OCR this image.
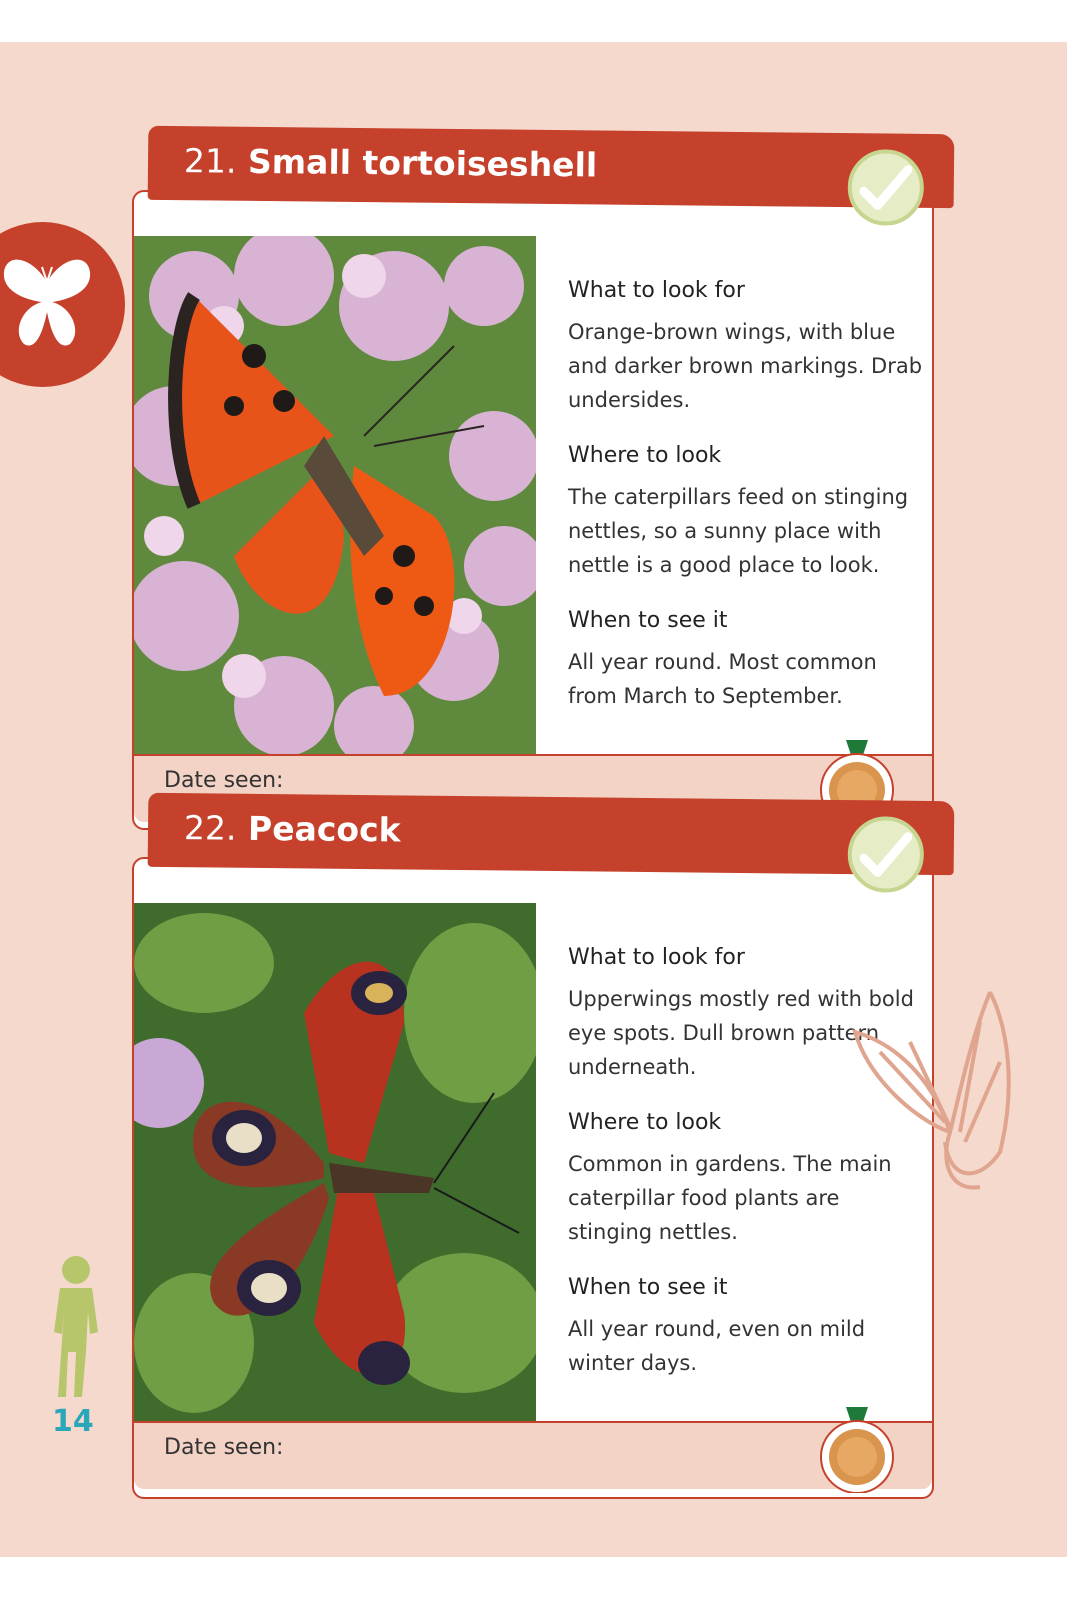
21. Small tortoiseshell
What to look for

Orange-brown wings, with blue and darker brown markings. Drab undersides.

Where to look

The caterpillars feed on stinging nettles, so a sunny place with nettle is a good place to look.

When to see it

All year round. Most common from March to September.

Date seen:
22. Peacock
What to look for

Upperwings mostly red with bold eye spots. Dull brown pattern underneath.

Where to look

Common in gardens. The main caterpillar food plants are stinging nettles.

When to see it

All year round, even on mild winter days.

Date seen:
14
